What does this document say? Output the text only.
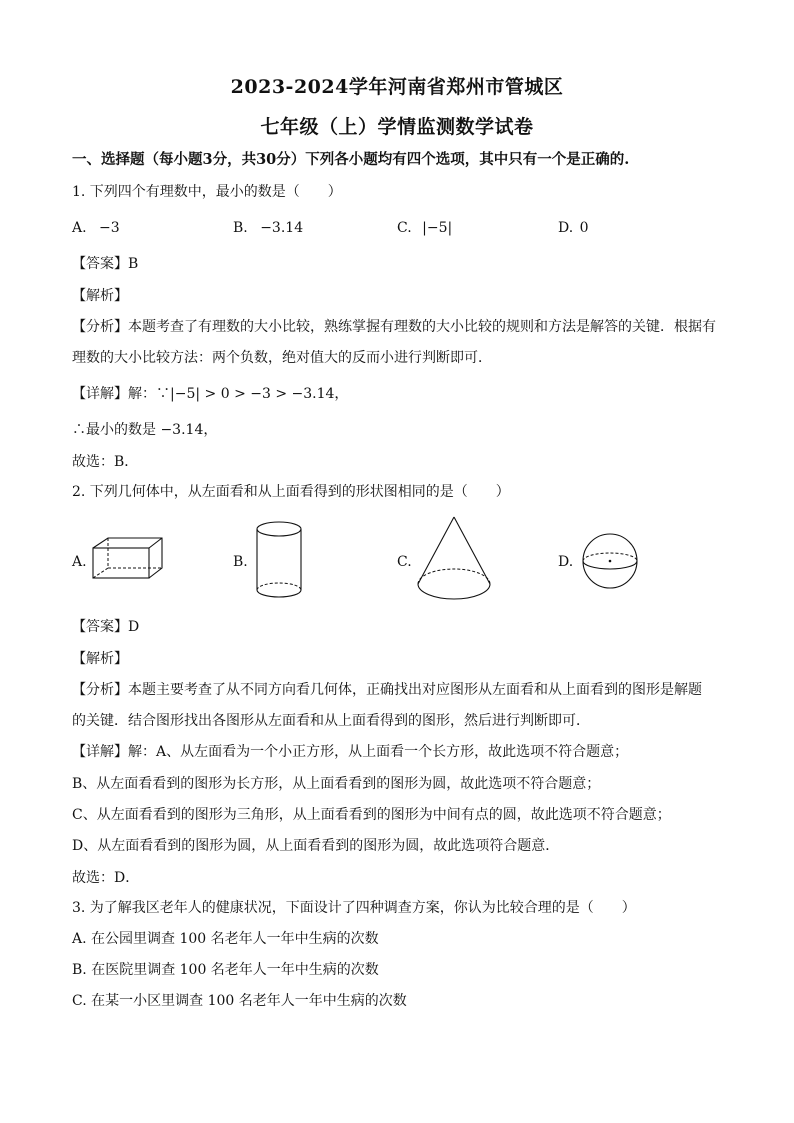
2023-2024学年河南省郑州市管城区
七年级（上）学情监测数学试卷
一、选择题（每小题3分，共30分）下列各小题均有四个选项，其中只有一个是正确的.
1. 下列四个有理数中，最小的数是（　　）
A. −3	B. −3.14	C. |−5|	D. 0
【答案】B
【解析】
【分析】本题考查了有理数的大小比较，熟练掌握有理数的大小比较的规则和方法是解答的关键．根据有
理数的大小比较方法：两个负数，绝对值大的反而小进行判断即可．
【详解】解：∵|−5| > 0 > −3 > −3.14，
∴最小的数是 −3.14，
故选：B．
2. 下列几何体中，从左面看和从上面看得到的形状图相同的是（　　）
A.	B.	C.	D.
【答案】D
【解析】
【分析】本题主要考查了从不同方向看几何体，正确找出对应图形从左面看和从上面看到的图形是解题
的关键．结合图形找出各图形从左面看和从上面看得到的图形，然后进行判断即可．
【详解】解：A、从左面看为一个小正方形，从上面看一个长方形，故此选项不符合题意；
B、从左面看看到的图形为长方形，从上面看看到的图形为圆，故此选项不符合题意；
C、从左面看看到的图形为三角形，从上面看看到的图形为中间有点的圆，故此选项不符合题意；
D、从左面看看到的图形为圆，从上面看看到的图形为圆，故此选项符合题意．
故选：D．
3. 为了解我区老年人的健康状况，下面设计了四种调查方案，你认为比较合理的是（　　）
A. 在公园里调查 100 名老年人一年中生病的次数
B. 在医院里调查 100 名老年人一年中生病的次数
C. 在某一小区里调查 100 名老年人一年中生病的次数
